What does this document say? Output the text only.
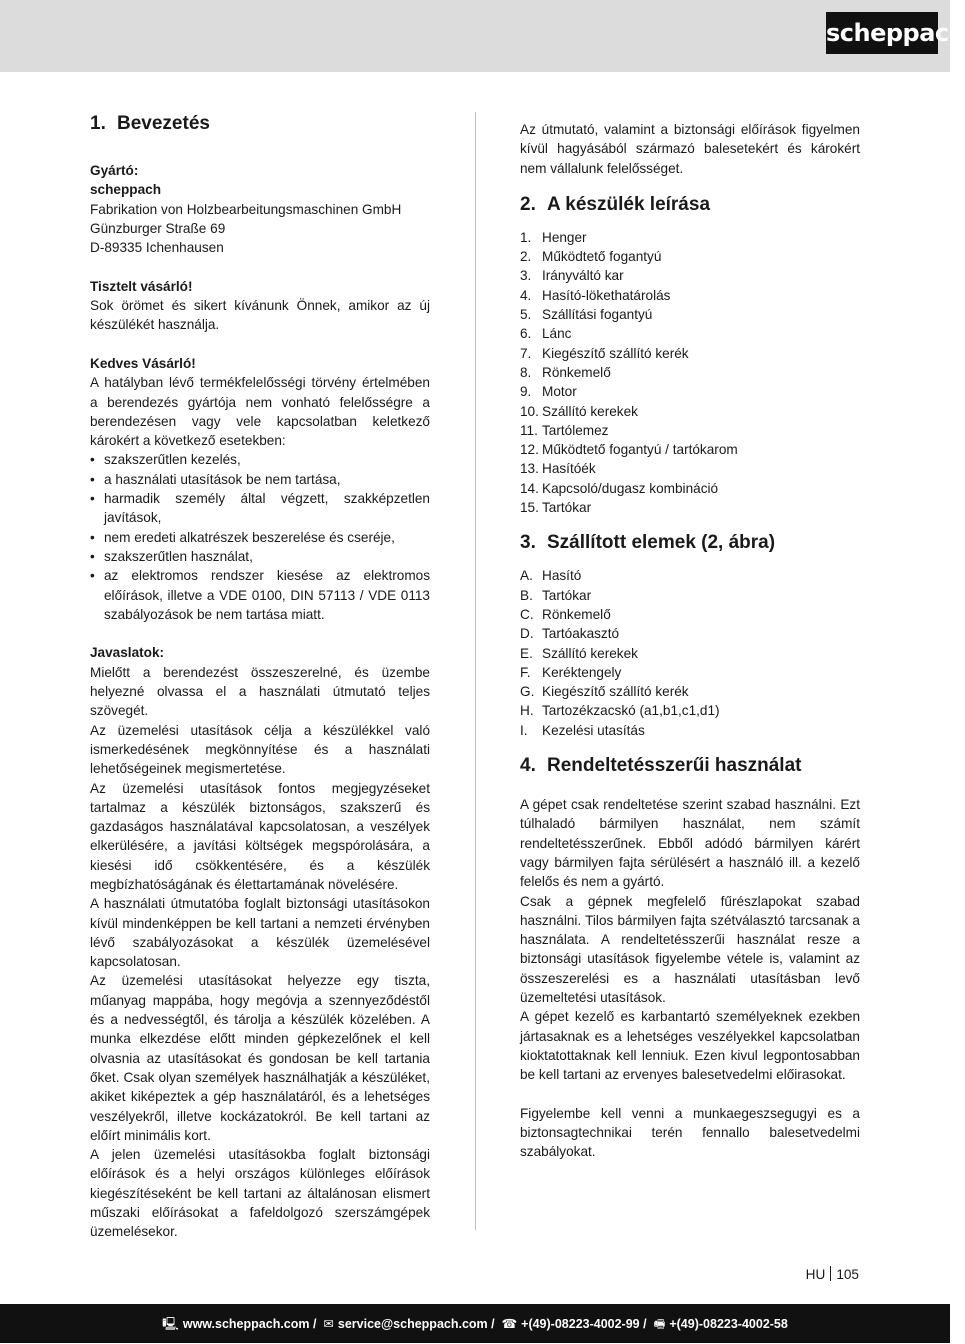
scheppach
1. Bevezetés

Gyártó:

scheppach

Fabrikation von Holzbearbeitungsmaschinen GmbH

Günzburger Straße 69

D-89335 Ichenhausen

Tisztelt vásárló!

Sok örömet és sikert kívánunk Önnek, amikor az új készülékét használja.

Kedves Vásárló!

A hatályban lévő termékfelelősségi törvény értelmében a berendezés gyártója nem vonható felelősségre a berendezésen vagy vele kapcsolatban keletkező károkért a következő esetekben:

• szakszerűtlen kezelés,
• a használati utasítások be nem tartása,
• harmadik személy által végzett, szakképzetlen javítások,
• nem eredeti alkatrészek beszerelése és cseréje,
• szakszerűtlen használat,
• az elektromos rendszer kiesése az elektromos előírások, illetve a VDE 0100, DIN 57113 / VDE 0113 szabályozások be nem tartása miatt.

Javaslatok:

Mielőtt a berendezést összeszerelné, és üzembe helyezné olvassa el a használati útmutató teljes szövegét.

Az üzemelési utasítások célja a készülékkel való ismerkedésének megkönnyítése és a használati lehetőségeinek megismertetése.

Az üzemelési utasítások fontos megjegyzéseket tartalmaz a készülék biztonságos, szakszerű és gazdaságos használatával kapcsolatosan, a veszélyek elkerülésére, a javítási költségek megspórolására, a kiesési idő csökkentésére, és a készülék megbízhatóságának és élettartamának növelésére.

A használati útmutatóba foglalt biztonsági utasításokon kívül mindenképpen be kell tartani a nemzeti érvényben lévő szabályozásokat a készülék üzemelésével kapcsolatosan.

Az üzemelési utasításokat helyezze egy tiszta, műanyag mappába, hogy megóvja a szennyeződéstől és a nedvességtől, és tárolja a készülék közelében. A munka elkezdése előtt minden gépkezelőnek el kell olvasnia az utasításokat és gondosan be kell tartania őket. Csak olyan személyek használhatják a készüléket, akiket kiképeztek a gép használatáról, és a lehetséges veszélyekről, illetve kockázatokról. Be kell tartani az előírt minimális kort.

A jelen üzemelési utasításokba foglalt biztonsági előírások és a helyi országos különleges előírások kiegészítéseként be kell tartani az általánosan elismert műszaki előírásokat a fafeldolgozó szerszámgépek üzemelésekor.

Az útmutató, valamint a biztonsági előírások figyelmen kívül hagyásából származó balesetekért és károkért nem vállalunk felelősséget.

2. A készülék leírása
1. Henger
2. Működtető fogantyú
3. Irányváltó kar
4. Hasító-lökethatárolás
5. Szállítási fogantyú
6. Lánc
7. Kiegészítő szállító kerék
8. Rönkemelő
9. Motor
10. Szállító kerekek
11. Tartólemez
12. Működtető fogantyú / tartókarom
13. Hasítóék
14. Kapcsoló/dugasz kombináció
15. Tartókar
3. Szállított elemek (2, ábra)
A. Hasító
B. Tartókar
C. Rönkemelő
D. Tartóakasztó
E. Szállító kerekek
F. Keréktengely
G. Kiegészítő szállító kerék
H. Tartozékzacskó (a1,b1,c1,d1)
I.	Kezelési utasítás
4. Rendeltetésszerűi használat

A gépet csak rendeltetése szerint szabad használni. Ezt túlhaladó bármilyen használat, nem számít rendeltetésszerűnek. Ebből adódó bármilyen kárért vagy bármilyen fajta sérülésért a használó ill. a kezelő felelős és nem a gyártó.

Csak a gépnek megfelelő fűrészlapokat szabad használni. Tilos bármilyen fajta szétválasztó tarcsanak a használata. A rendeltetésszerűi használat resze a biztonsági utasítások figyelembe vétele is, valamint az összeszerelési es a használati utasításban levő üzemeltetési utasítások.

A gépet kezelő es karbantartó személyeknek ezekben jártasaknak es a lehetséges veszélyekkel kapcsolatban kioktatottaknak kell lenniuk. Ezen kivul legpontosabban be kell tartani az ervenyes balesetvedelmi előirasokat.

Figyelembe kell venni a munkaegeszsegugyi es a biztonsagtechnikai terén fennallo balesetvedelmi szabályokat.

HU 105
🖳 www.scheppach.com / ✉ service@scheppach.com / ☎ +(49)-08223-4002-99 / 🖷 +(49)-08223-4002-58
